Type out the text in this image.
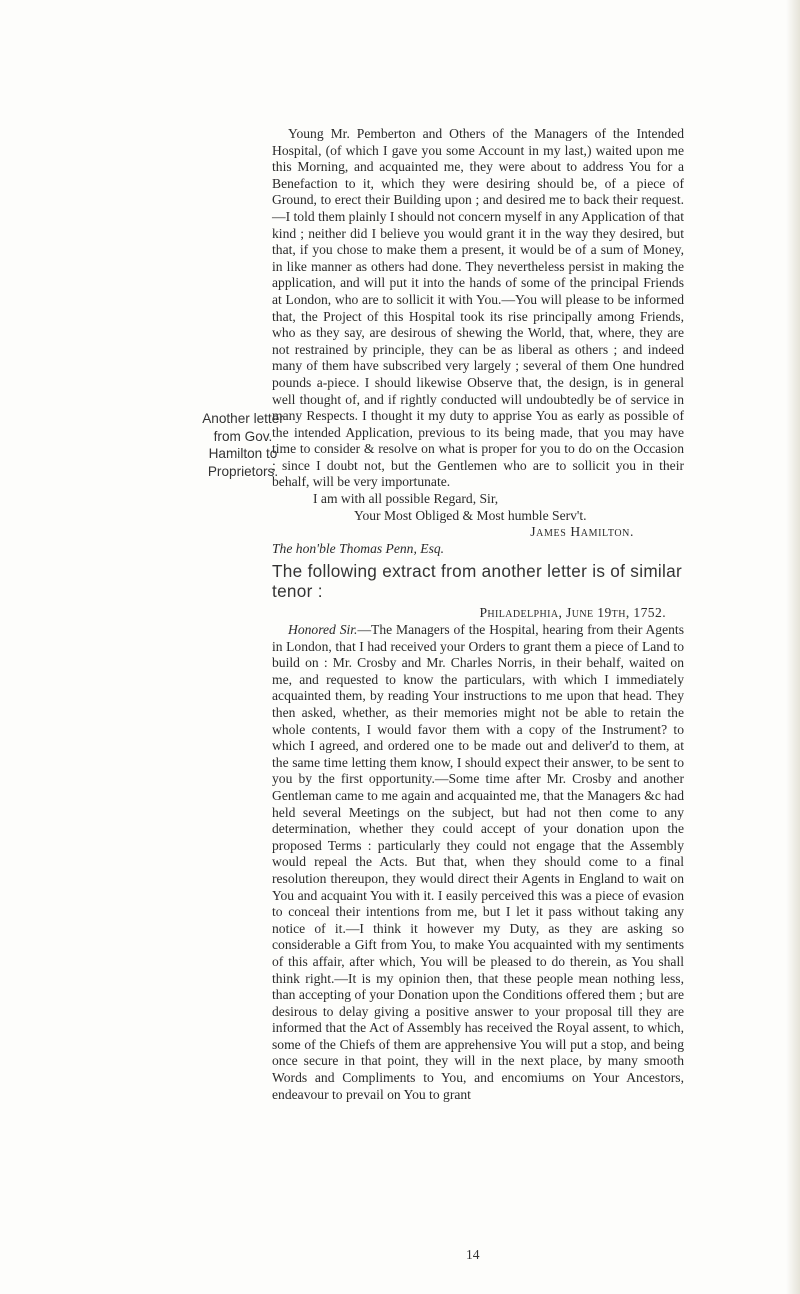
Young Mr. Pemberton and Others of the Managers of the Intended Hospital, (of which I gave you some Account in my last,) waited upon me this Morning, and acquainted me, they were about to address You for a Benefaction to it, which they were desiring should be, of a piece of Ground, to erect their Building upon ; and desired me to back their request.—I told them plainly I should not concern myself in any Application of that kind ; neither did I believe you would grant it in the way they desired, but that, if you chose to make them a present, it would be of a sum of Money, in like manner as others had done. They nevertheless persist in making the application, and will put it into the hands of some of the principal Friends at London, who are to sollicit it with You.—You will please to be informed that, the Project of this Hospital took its rise principally among Friends, who as they say, are desirous of shewing the World, that, where, they are not restrained by principle, they can be as liberal as others ; and indeed many of them have subscribed very largely ; several of them One hundred pounds a-piece. I should likewise Observe that, the design, is in general well thought of, and if rightly conducted will undoubtedly be of service in many Respects. I thought it my duty to apprise You as early as possible of the intended Application, previous to its being made, that you may have time to consider & resolve on what is proper for you to do on the Occasion ; since I doubt not, but the Gentlemen who are to sollicit you in their behalf, will be very importunate.

I am with all possible Regard, Sir,

Your Most Obliged & Most humble Serv't.

James Hamilton.

The hon'ble Thomas Penn, Esq.

The following extract from another letter is of similar tenor :

Philadelphia, June 19th, 1752.

Honored Sir.—The Managers of the Hospital, hearing from their Agents in London, that I had received your Orders to grant them a piece of Land to build on : Mr. Crosby and Mr. Charles Norris, in their behalf, waited on me, and requested to know the particulars, with which I immediately acquainted them, by reading Your instructions to me upon that head. They then asked, whether, as their memories might not be able to retain the whole contents, I would favor them with a copy of the Instrument? to which I agreed, and ordered one to be made out and deliver'd to them, at the same time letting them know, I should expect their answer, to be sent to you by the first opportunity.—Some time after Mr. Crosby and another Gentleman came to me again and acquainted me, that the Managers &c had held several Meetings on the subject, but had not then come to any determination, whether they could accept of your donation upon the proposed Terms : particularly they could not engage that the Assembly would repeal the Acts. But that, when they should come to a final resolution thereupon, they would direct their Agents in England to wait on You and acquaint You with it. I easily perceived this was a piece of evasion to conceal their intentions from me, but I let it pass without taking any notice of it.—I think it however my Duty, as they are asking so considerable a Gift from You, to make You acquainted with my sentiments of this affair, after which, You will be pleased to do therein, as You shall think right.—It is my opinion then, that these people mean nothing less, than accepting of your Donation upon the Conditions offered them ; but are desirous to delay giving a positive answer to your proposal till they are informed that the Act of Assembly has received the Royal assent, to which, some of the Chiefs of them are apprehensive You will put a stop, and being once secure in that point, they will in the next place, by many smooth Words and Compliments to You, and encomiums on Your Ancestors, endeavour to prevail on You to grant

Another letter
from Gov.
Hamilton to
Proprietors.
14
